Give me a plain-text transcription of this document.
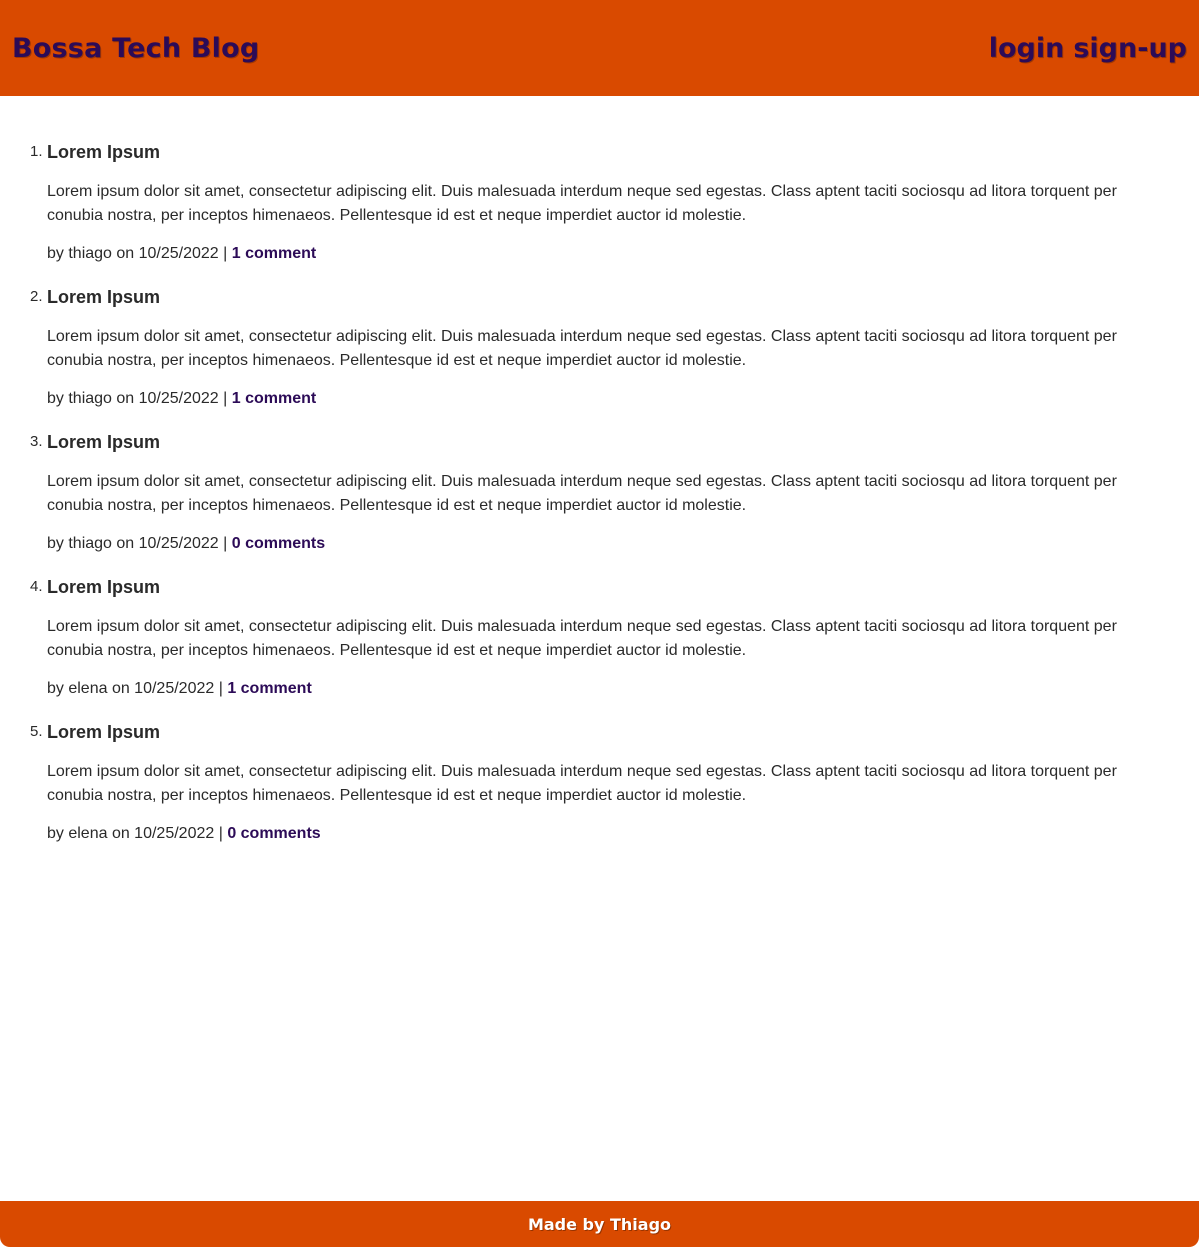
Bossa Tech Blog	login sign-up
1. Lorem Ipsum

Lorem ipsum dolor sit amet, consectetur adipiscing elit. Duis malesuada interdum neque sed egestas. Class aptent taciti sociosqu ad litora torquent per conubia nostra, per inceptos himenaeos. Pellentesque id est et neque imperdiet auctor id molestie.

by thiago on 10/25/2022 | 1 comment

2. Lorem Ipsum

Lorem ipsum dolor sit amet, consectetur adipiscing elit. Duis malesuada interdum neque sed egestas. Class aptent taciti sociosqu ad litora torquent per conubia nostra, per inceptos himenaeos. Pellentesque id est et neque imperdiet auctor id molestie.

by thiago on 10/25/2022 | 1 comment

3. Lorem Ipsum

Lorem ipsum dolor sit amet, consectetur adipiscing elit. Duis malesuada interdum neque sed egestas. Class aptent taciti sociosqu ad litora torquent per conubia nostra, per inceptos himenaeos. Pellentesque id est et neque imperdiet auctor id molestie.

by thiago on 10/25/2022 | 0 comments

4. Lorem Ipsum

Lorem ipsum dolor sit amet, consectetur adipiscing elit. Duis malesuada interdum neque sed egestas. Class aptent taciti sociosqu ad litora torquent per conubia nostra, per inceptos himenaeos. Pellentesque id est et neque imperdiet auctor id molestie.

by elena on 10/25/2022 | 1 comment

5. Lorem Ipsum

Lorem ipsum dolor sit amet, consectetur adipiscing elit. Duis malesuada interdum neque sed egestas. Class aptent taciti sociosqu ad litora torquent per conubia nostra, per inceptos himenaeos. Pellentesque id est et neque imperdiet auctor id molestie.

by elena on 10/25/2022 | 0 comments

Made by Thiago
